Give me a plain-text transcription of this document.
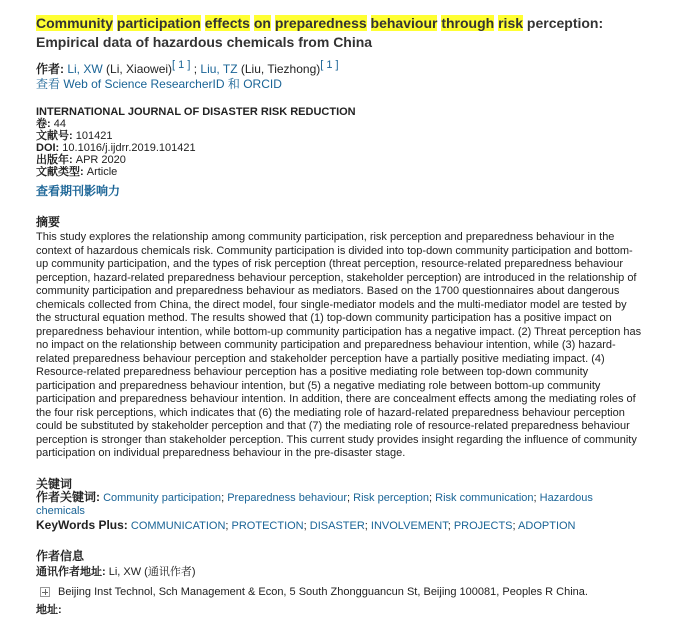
Community participation effects on preparedness behaviour through risk perception: Empirical data of hazardous chemicals from China
作者: Li, XW (Li, Xiaowei)[ 1 ] ; Liu, TZ (Liu, Tiezhong)[ 1 ]
查看 Web of Science ResearcherID 和 ORCID
INTERNATIONAL JOURNAL OF DISASTER RISK REDUCTION
卷: 44
文献号: 101421
DOI: 10.1016/j.ijdrr.2019.101421
出版年: APR 2020
文献类型: Article
查看期刊影响力
摘要

This study explores the relationship among community participation, risk perception and preparedness behaviour in the context of hazardous chemicals risk. Community participation is divided into top-down community participation and bottom-up community participation, and the types of risk perception (threat perception, resource-related preparedness behaviour perception, hazard-related preparedness behaviour perception, stakeholder perception) are introduced in the relationship of community participation and preparedness behaviour as mediators. Based on the 1700 questionnaires about dangerous chemicals collected from China, the direct model, four single-mediator models and the multi-mediator model are tested by the structural equation method. The results showed that (1) top-down community participation has a positive impact on preparedness behaviour intention, while bottom-up community participation has a negative impact. (2) Threat perception has no impact on the relationship between community participation and preparedness behaviour intention, while (3) hazard-related preparedness behaviour perception and stakeholder perception have a partially positive mediating impact. (4) Resource-related preparedness behaviour perception has a positive mediating role between top-down community participation and preparedness behaviour intention, but (5) a negative mediating role between bottom-up community participation and preparedness behaviour intention. In addition, there are concealment effects among the mediating roles of the four risk perceptions, which indicates that (6) the mediating role of hazard-related preparedness behaviour perception could be substituted by stakeholder perception and that (7) the mediating role of resource-related preparedness behaviour perception is stronger than stakeholder perception. This current study provides insight regarding the influence of community participation on individual preparedness behaviour in the pre-disaster stage.

关键词
作者关键词: Community participation; Preparedness behaviour; Risk perception; Risk communication; Hazardous chemicals
KeyWords Plus: COMMUNICATION; PROTECTION; DISASTER; INVOLVEMENT; PROJECTS; ADOPTION
作者信息
通讯作者地址: Li, XW (通讯作者)
Beijing Inst Technol, Sch Management & Econ, 5 South Zhongguancun St, Beijing 100081, Peoples R China.
地址:
